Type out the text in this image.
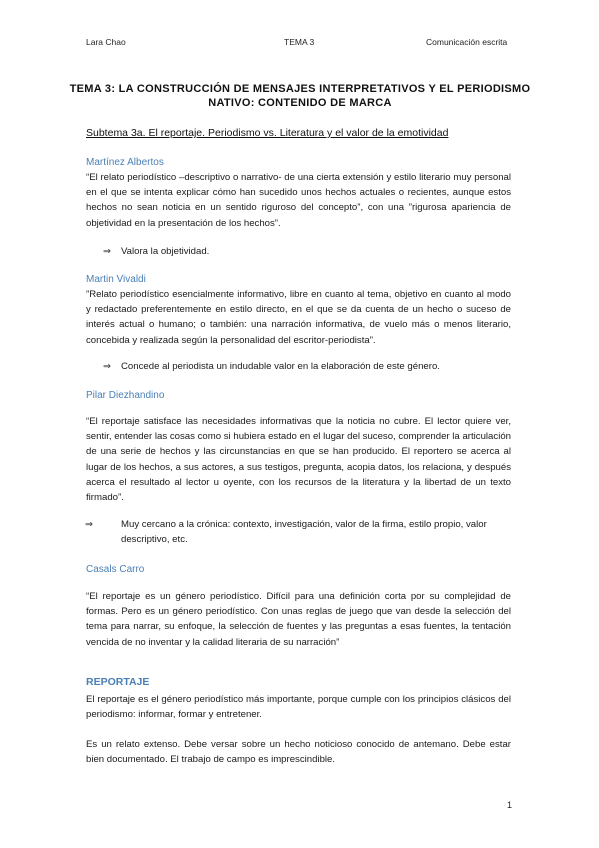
Lara Chao	TEMA 3	Comunicación escrita
TEMA 3: LA CONSTRUCCIÓN DE MENSAJES INTERPRETATIVOS Y EL PERIODISMO NATIVO: CONTENIDO DE MARCA
Subtema 3a. El reportaje. Periodismo vs. Literatura y el valor de la emotividad
Martínez Albertos
“El relato periodístico –descriptivo o narrativo- de una cierta extensión y estilo literario muy personal en el que se intenta explicar cómo han sucedido unos hechos actuales o recientes, aunque estos hechos no sean noticia en un sentido riguroso del concepto”, con una ”rigurosa apariencia de objetividad en la presentación de los hechos”.
⇒ Valora la objetividad.
Martin Vivaldi
”Relato periodístico esencialmente informativo, libre en cuanto al tema, objetivo en cuanto al modo y redactado preferentemente en estilo directo, en el que se da cuenta de un hecho o suceso de interés actual o humano; o también: una narración informativa, de vuelo más o menos literario, concebida y realizada según la personalidad del escritor-periodista”.
⇒ Concede al periodista un indudable valor en la elaboración de este género.
Pilar Diezhandino
“El reportaje satisface las necesidades informativas que la noticia no cubre. El lector quiere ver, sentir, entender las cosas como si hubiera estado en el lugar del suceso, comprender la articulación de una serie de hechos y las circunstancias en que se han producido. El reportero se acerca al lugar de los hechos, a sus actores, a sus testigos, pregunta, acopia datos, los relaciona, y después acerca el resultado al lector u oyente, con los recursos de la literatura y la libertad de un texto firmado”.
⇒	Muy cercano a la crónica: contexto, investigación, valor de la firma, estilo propio, valor descriptivo, etc.
Casals Carro
“El reportaje es un género periodístico. Difícil para una definición corta por su complejidad de formas. Pero es un género periodístico. Con unas reglas de juego que van desde la selección del tema para narrar, su enfoque, la selección de fuentes y las preguntas a esas fuentes, la tentación vencida de no inventar y la calidad literaria de su narración”
REPORTAJE
El reportaje es el género periodístico más importante, porque cumple con los principios clásicos del periodismo: informar, formar y entretener.
Es un relato extenso. Debe versar sobre un hecho noticioso conocido de antemano. Debe estar bien documentado. El trabajo de campo es imprescindible.
1
